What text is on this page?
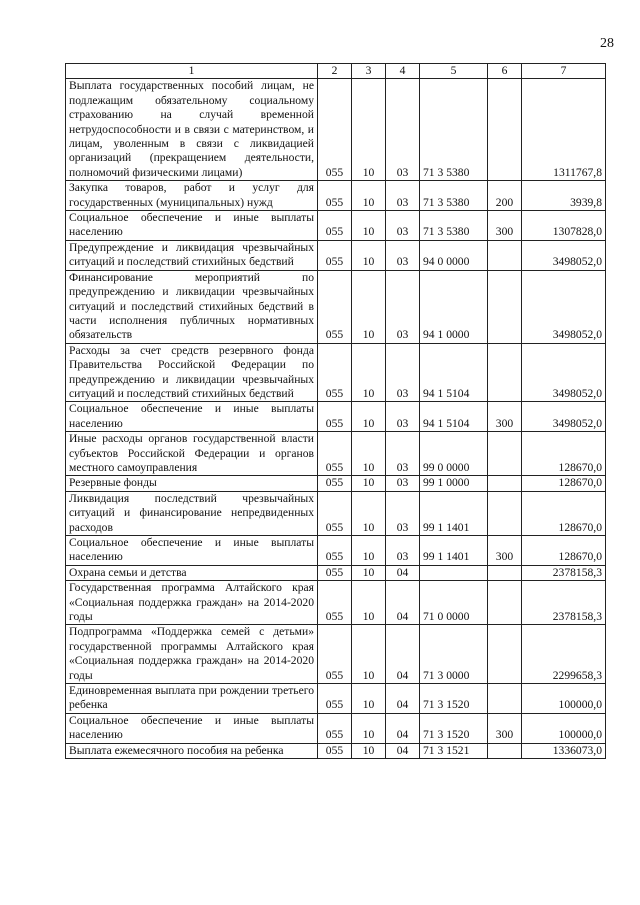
28
1	2	3	4	5	6	7
Выплата государственных пособий лицам, не подлежащим обязательному социальному страхованию на случай временной нетрудоспособности и в связи с материнством, и лицам, уволенным в связи с ликвидацией организаций (прекращением деятельности, полномочий физическими лицами)	055	10	03	71 3 5380		1311767,8
Закупка товаров, работ и услуг для государственных (муниципальных) нужд	055	10	03	71 3 5380	200	3939,8
Социальное обеспечение и иные выплаты населению	055	10	03	71 3 5380	300	1307828,0
Предупреждение и ликвидация чрезвычайных ситуаций и последствий стихийных бедствий	055	10	03	94 0 0000		3498052,0
Финансирование мероприятий по предупреждению и ликвидации чрезвычайных ситуаций и последствий стихийных бедствий в части исполнения публичных нормативных обязательств	055	10	03	94 1 0000		3498052,0
Расходы за счет средств резервного фонда Правительства Российской Федерации по предупреждению и ликвидации чрезвычайных ситуаций и последствий стихийных бедствий	055	10	03	94 1 5104		3498052,0
Социальное обеспечение и иные выплаты населению	055	10	03	94 1 5104	300	3498052,0
Иные расходы органов государственной власти субъектов Российской Федерации и органов местного самоуправления	055	10	03	99 0 0000		128670,0
Резервные фонды	055	10	03	99 1 0000		128670,0
Ликвидация последствий чрезвычайных ситуаций и финансирование непредвиденных расходов	055	10	03	99 1 1401		128670,0
Социальное обеспечение и иные выплаты населению	055	10	03	99 1 1401	300	128670,0
Охрана семьи и детства	055	10	04			2378158,3
Государственная программа Алтайского края «Социальная поддержка граждан» на 2014-2020 годы	055	10	04	71 0 0000		2378158,3
Подпрограмма «Поддержка семей с детьми» государственной программы Алтайского края «Социальная поддержка граждан» на 2014-2020 годы	055	10	04	71 3 0000		2299658,3
Единовременная выплата при рождении третьего ребенка	055	10	04	71 3 1520		100000,0
Социальное обеспечение и иные выплаты населению	055	10	04	71 3 1520	300	100000,0
Выплата ежемесячного пособия на ребенка	055	10	04	71 3 1521		1336073,0
